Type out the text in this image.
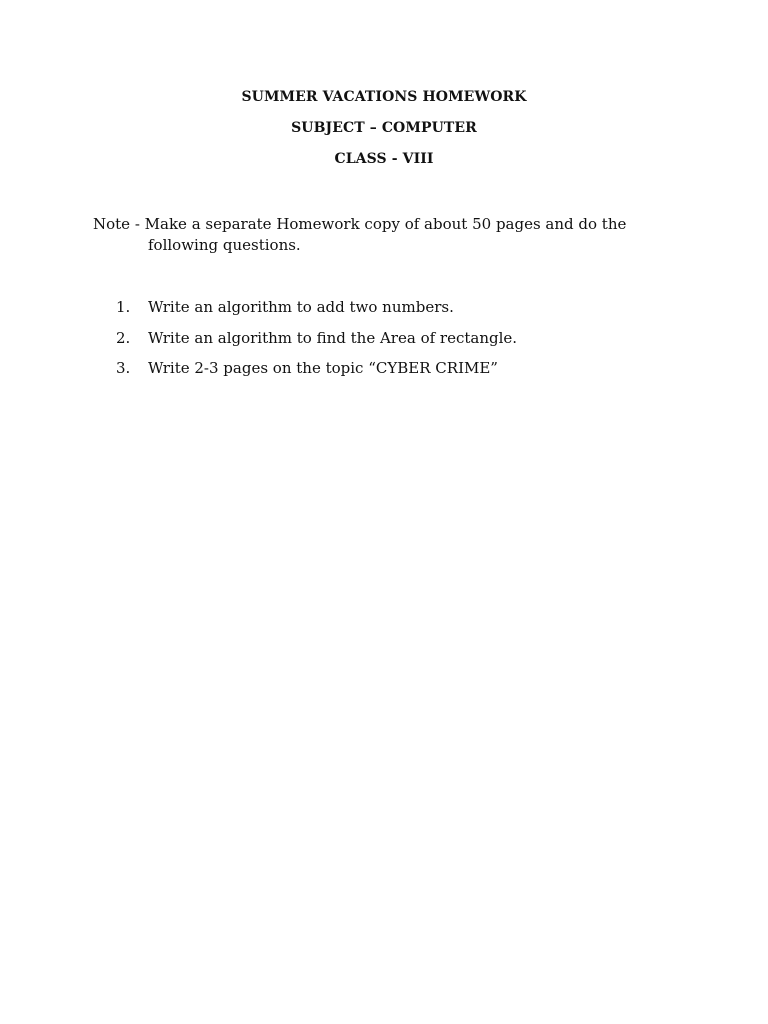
SUMMER VACATIONS HOMEWORK
SUBJECT – COMPUTER
CLASS - VIII
Note - Make a separate Homework copy of about 50 pages and do the
following questions.
1. Write an algorithm to add two numbers.
2. Write an algorithm to find the Area of rectangle.
3. Write 2-3 pages on the topic “CYBER CRIME”
